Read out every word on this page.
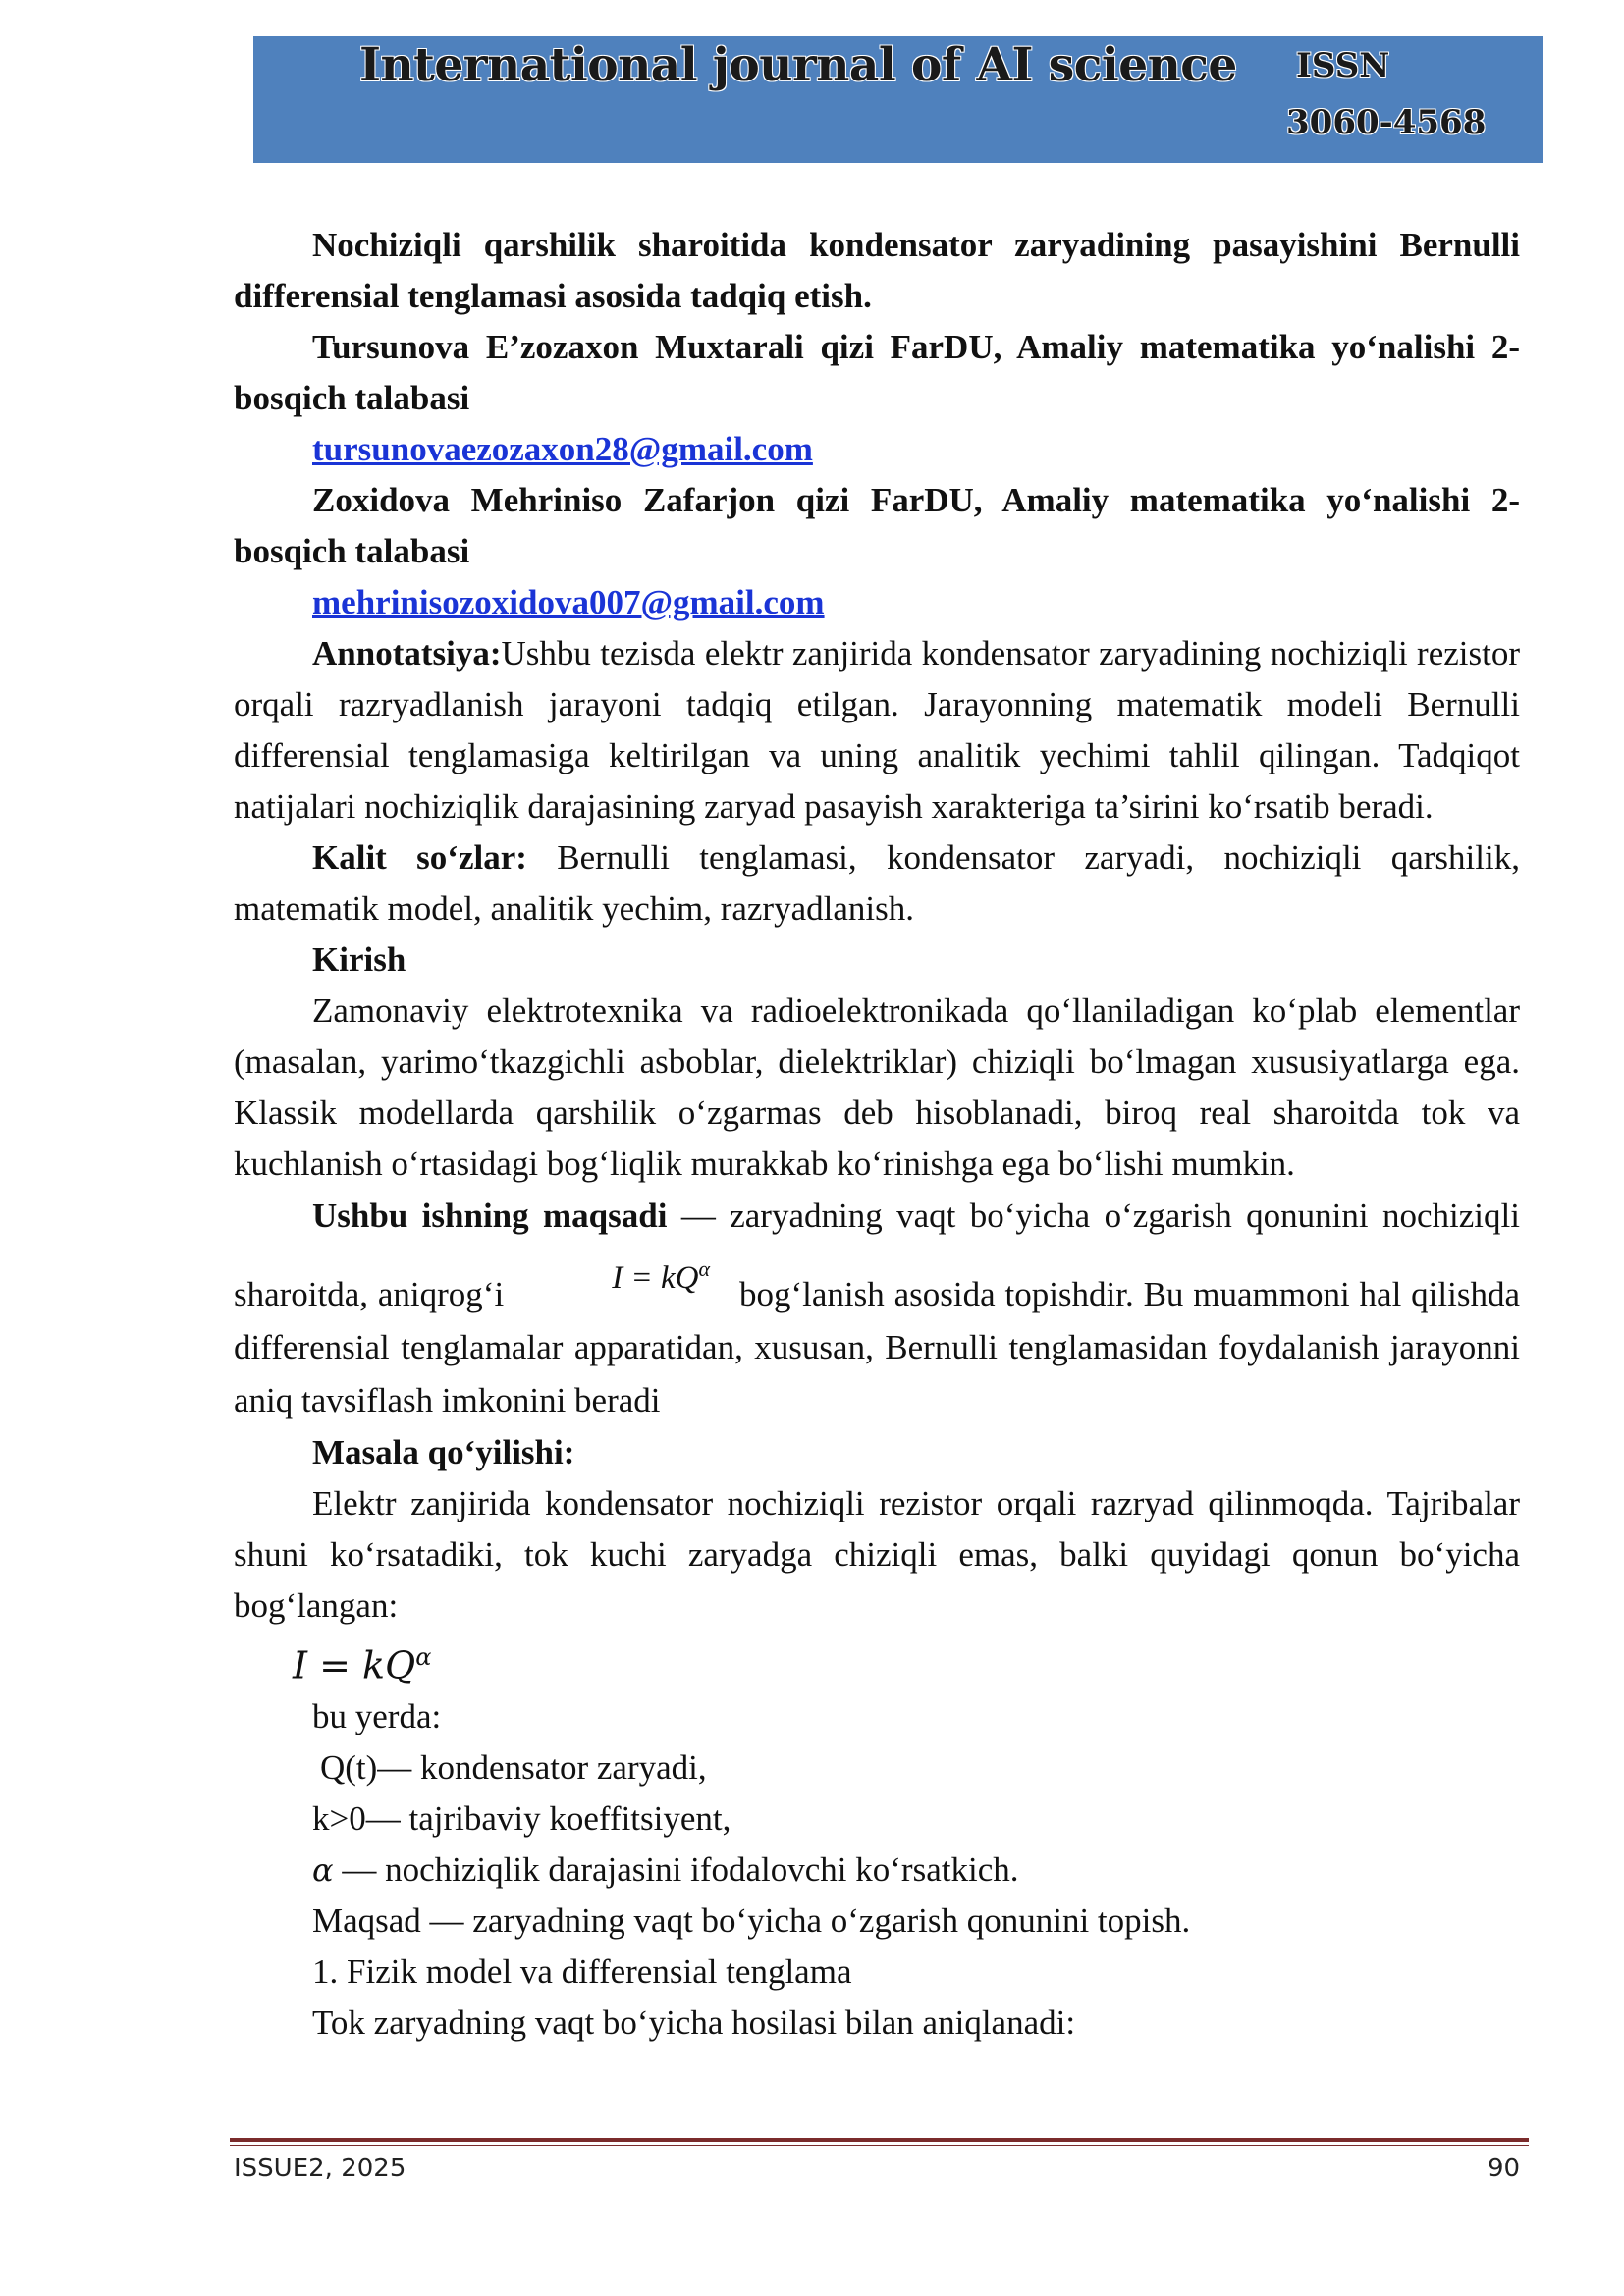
International journal of AI science ISSN
3060-4568

Nochiziqli qarshilik sharoitida kondensator zaryadining pasayishini Bernulli differensial tenglamasi asosida tadqiq etish.

Tursunova E’zozaxon Muxtarali qizi FarDU, Amaliy matematika yo‘nalishi 2-bosqich talabasi

tursunovaezozaxon28@gmail.com

Zoxidova Mehriniso Zafarjon qizi FarDU, Amaliy matematika yo‘nalishi 2-bosqich talabasi

mehrinisozoxidova007@gmail.com

Annotatsiya:Ushbu tezisda elektr zanjirida kondensator zaryadining nochiziqli rezistor orqali razryadlanish jarayoni tadqiq etilgan. Jarayonning matematik modeli Bernulli differensial tenglamasiga keltirilgan va uning analitik yechimi tahlil qilingan. Tadqiqot natijalari nochiziqlik darajasining zaryad pasayish xarakteriga ta’sirini ko‘rsatib beradi.

Kalit so‘zlar: Bernulli tenglamasi, kondensator zaryadi, nochiziqli qarshilik, matematik model, analitik yechim, razryadlanish.

Kirish

Zamonaviy elektrotexnika va radioelektronikada qo‘llaniladigan ko‘plab elementlar (masalan, yarimo‘tkazgichli asboblar, dielektriklar) chiziqli bo‘lmagan xususiyatlarga ega. Klassik modellarda qarshilik o‘zgarmas deb hisoblanadi, biroq real sharoitda tok va kuchlanish o‘rtasidagi bog‘liqlik murakkab ko‘rinishga ega bo‘lishi mumkin.

Ushbu ishning maqsadi — zaryadning vaqt bo‘yicha o‘zgarish qonunini nochiziqli sharoitda, aniqrog‘i	$I = kQ^\alpha bog‘lanish$ asosida topishdir. Bu muammoni hal qilishda differensial tenglamalar apparatidan, xususan, Bernulli tenglamasidan foydalanish jarayonni aniq tavsiflash imkonini beradi

Masala qo‘yilishi:

Elektr zanjirida kondensator nochiziqli rezistor orqali razryad qilinmoqda. Tajribalar shuni ko‘rsatadiki, tok kuchi zaryadga chiziqli emas, balki quyidagi qonun bo‘yicha bog‘langan:

$I = kQ^\alpha$

bu yerda:

Q(t)— kondensator zaryadi,

k>0— tajribaviy koeffitsiyent,

α — nochiziqlik darajasini ifodalovchi ko‘rsatkich.

Maqsad — zaryadning vaqt bo‘yicha o‘zgarish qonunini topish.

1. Fizik model va differensial tenglama

Tok zaryadning vaqt bo‘yicha hosilasi bilan aniqlanadi:

ISSUE2, 2025	90
